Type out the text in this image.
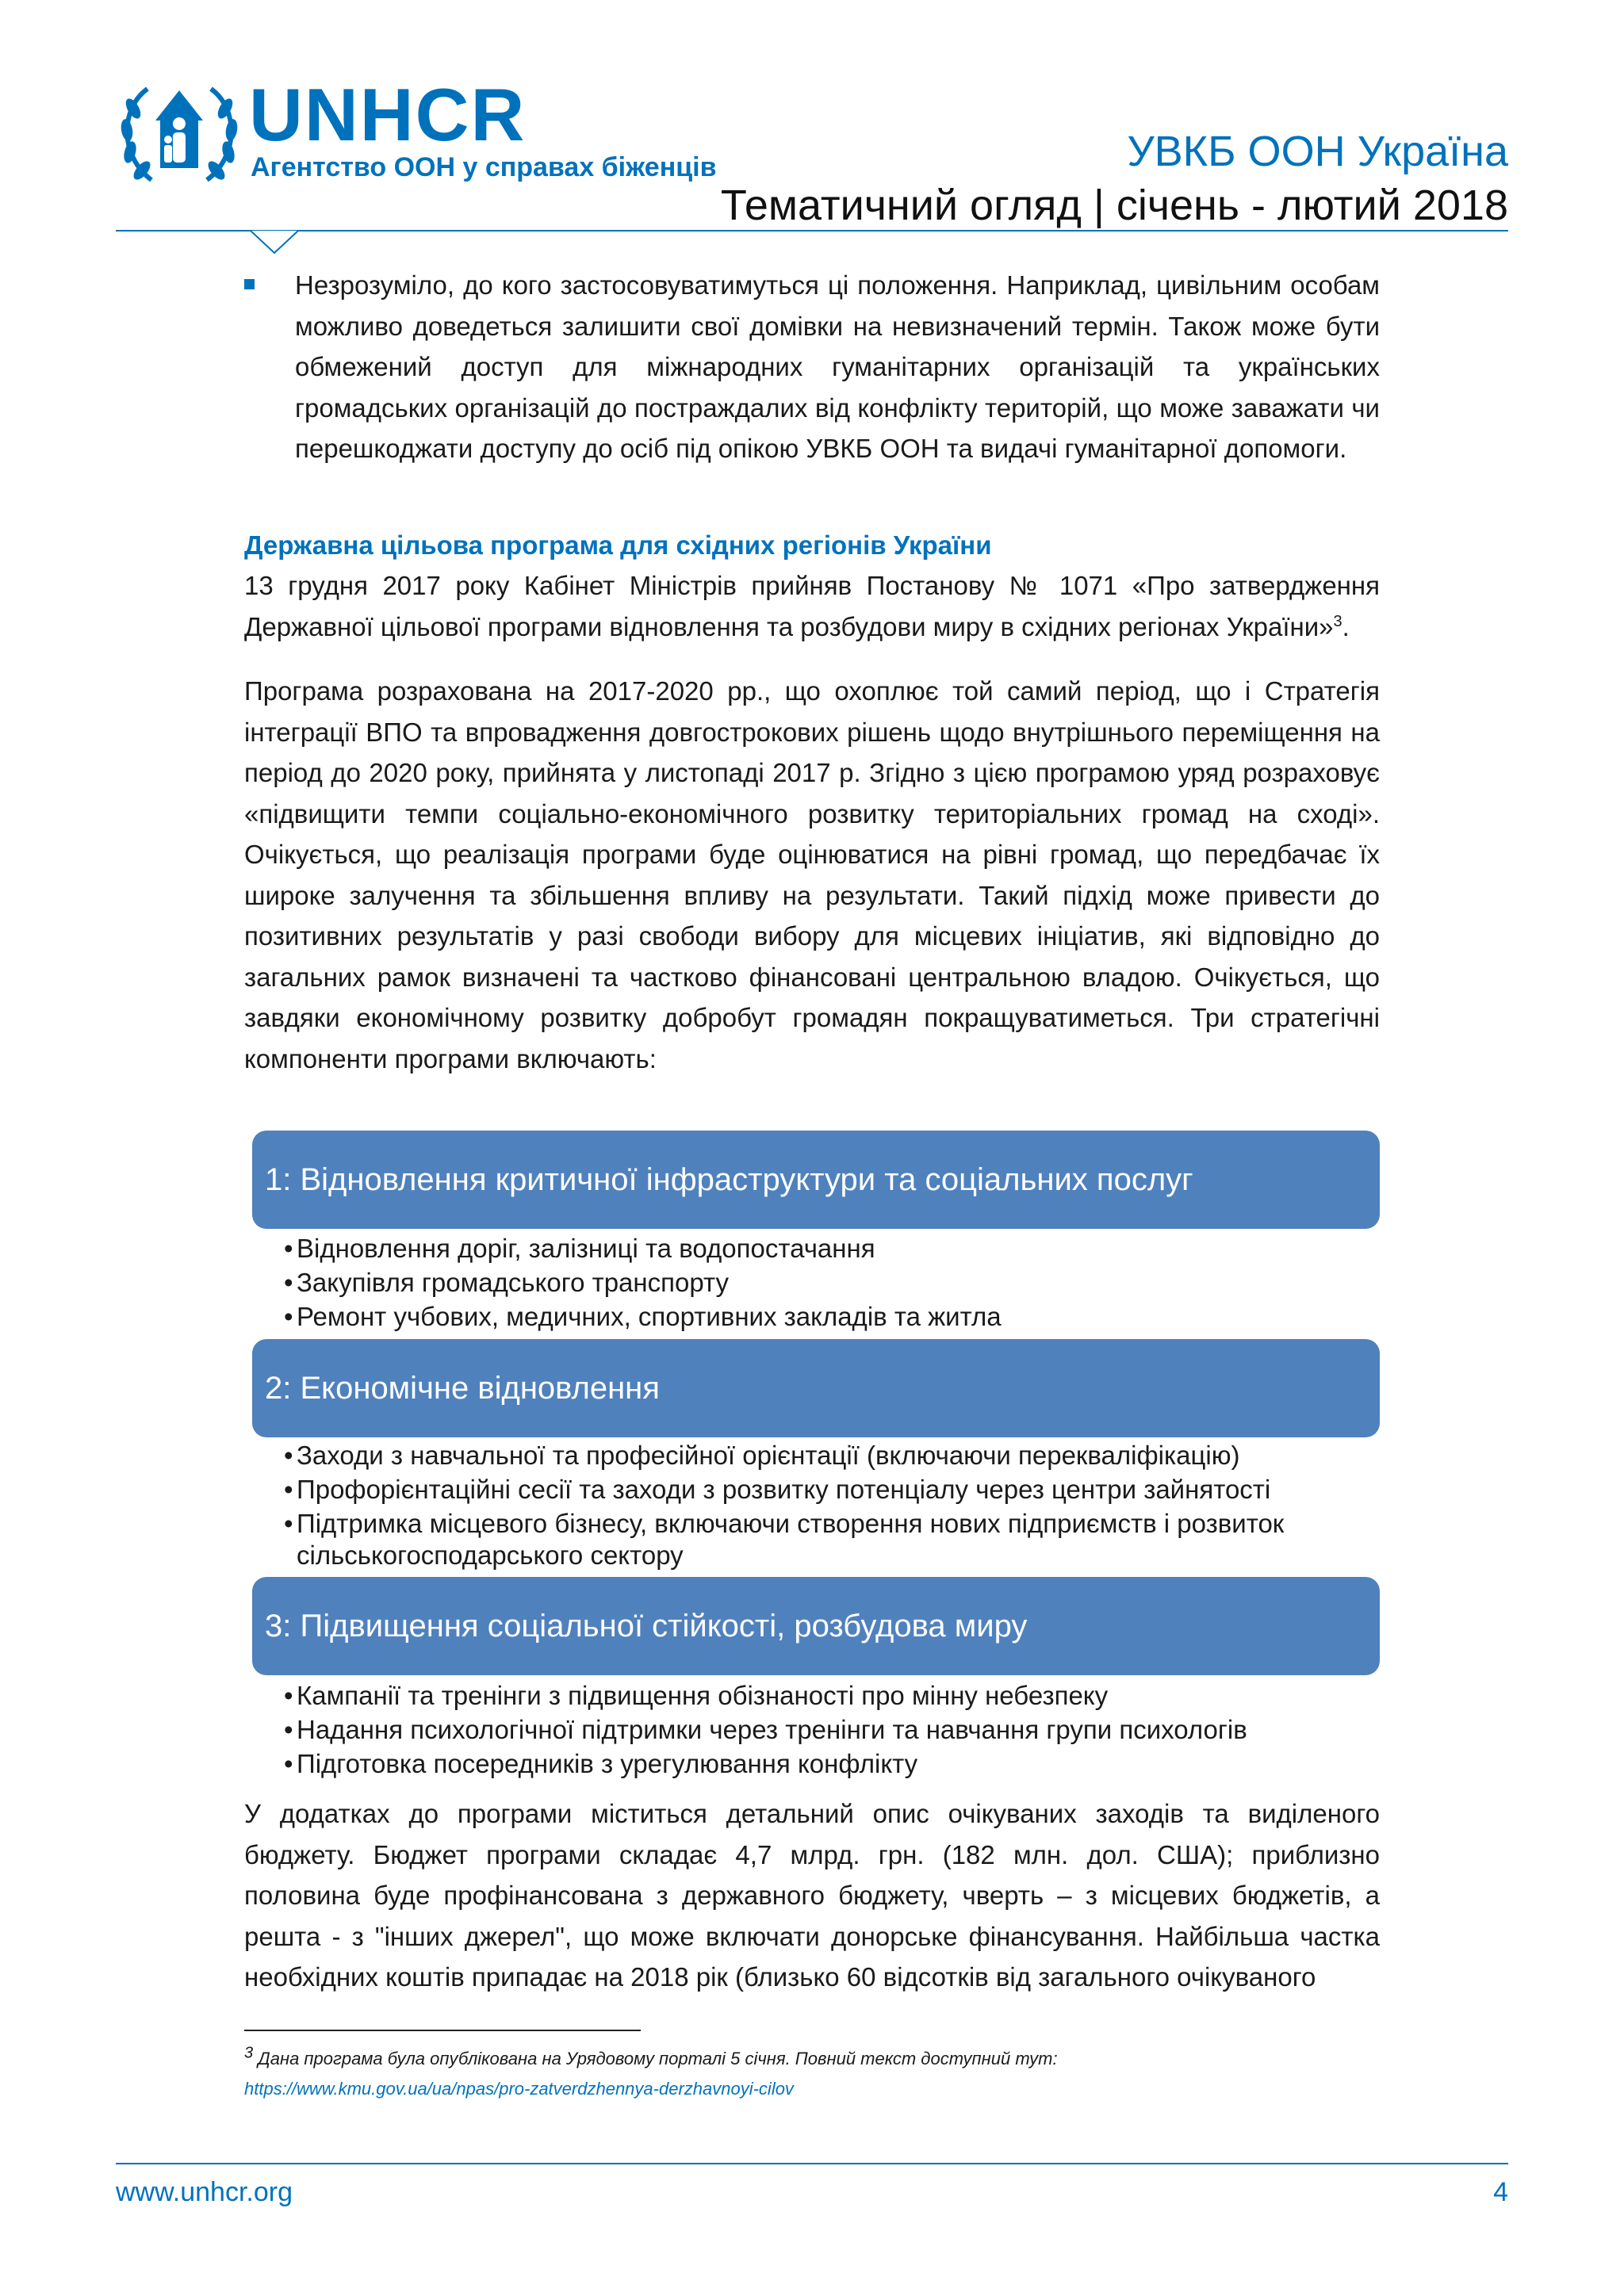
UNHCR
Агентство ООН у справах біженців	УВКБ ООН Україна
Тематичний огляд | січень - лютий 2018

Незрозуміло, до кого застосовуватимуться ці положення. Наприклад, цивільним особам можливо доведеться залишити свої домівки на невизначений термін. Також може бути обмежений доступ для міжнародних гуманітарних організацій та українських громадських організацій до постраждалих від конфлікту територій, що може заважати чи перешкоджати доступу до осіб під опікою УВКБ ООН та видачі гуманітарної допомоги.

Державна цільова програма для східних регіонів України

13 грудня 2017 року Кабінет Міністрів прийняв Постанову № 1071 «Про затвердження Державної цільової програми відновлення та розбудови миру в східних регіонах України»$^3$.

Програма розрахована на 2017-2020 рр., що охоплює той самий період, що і Стратегія інтеграції ВПО та впровадження довгострокових рішень щодо внутрішнього переміщення на період до 2020 року, прийнята у листопаді 2017 р. Згідно з цією програмою уряд розраховує «підвищити темпи соціально-економічного розвитку територіальних громад на сході». Очікується, що реалізація програми буде оцінюватися на рівні громад, що передбачає їх широке залучення та збільшення впливу на результати. Такий підхід може привести до позитивних результатів у разі свободи вибору для місцевих ініціатив, які відповідно до загальних рамок визначені та частково фінансовані центральною владою. Очікується, що завдяки економічному розвитку добробут громадян покращуватиметься. Три стратегічні компоненти програми включають:

1: Відновлення критичної інфраструктури та соціальних послуг
• Відновлення доріг, залізниці та водопостачання
• Закупівля громадського транспорту
• Ремонт учбових, медичних, спортивних закладів та житла
2: Економічне відновлення
• Заходи з навчальної та професійної орієнтації (включаючи перекваліфікацію)
• Профорієнтаційні сесії та заходи з розвитку потенціалу через центри зайнятості
• Підтримка місцевого бізнесу, включаючи створення нових підприємств і розвиток сільськогосподарського сектору
3: Підвищення соціальної стійкості, розбудова миру
• Кампанії та тренінги з підвищення обізнаності про мінну небезпеку
• Надання психологічної підтримки через тренінги та навчання групи психологів
• Підготовка посередників з урегулювання конфлікту

У додатках до програми міститься детальний опис очікуваних заходів та виділеного бюджету. Бюджет програми складає 4,7 млрд. грн. (182 млн. дол. США); приблизно половина буде профінансована з державного бюджету, чверть – з місцевих бюджетів, а решта - з "інших джерел", що може включати донорське фінансування. Найбільша частка необхідних коштів припадає на 2018 рік (близько 60 відсотків від загального очікуваного

$^3$ Дана програма була опублікована на Урядовому порталі 5 січня. Повний текст доступний тут:
https://www.kmu.gov.ua/ua/npas/pro-zatverdzhennya-derzhavnoyi-cilov
www.unhcr.org	4
